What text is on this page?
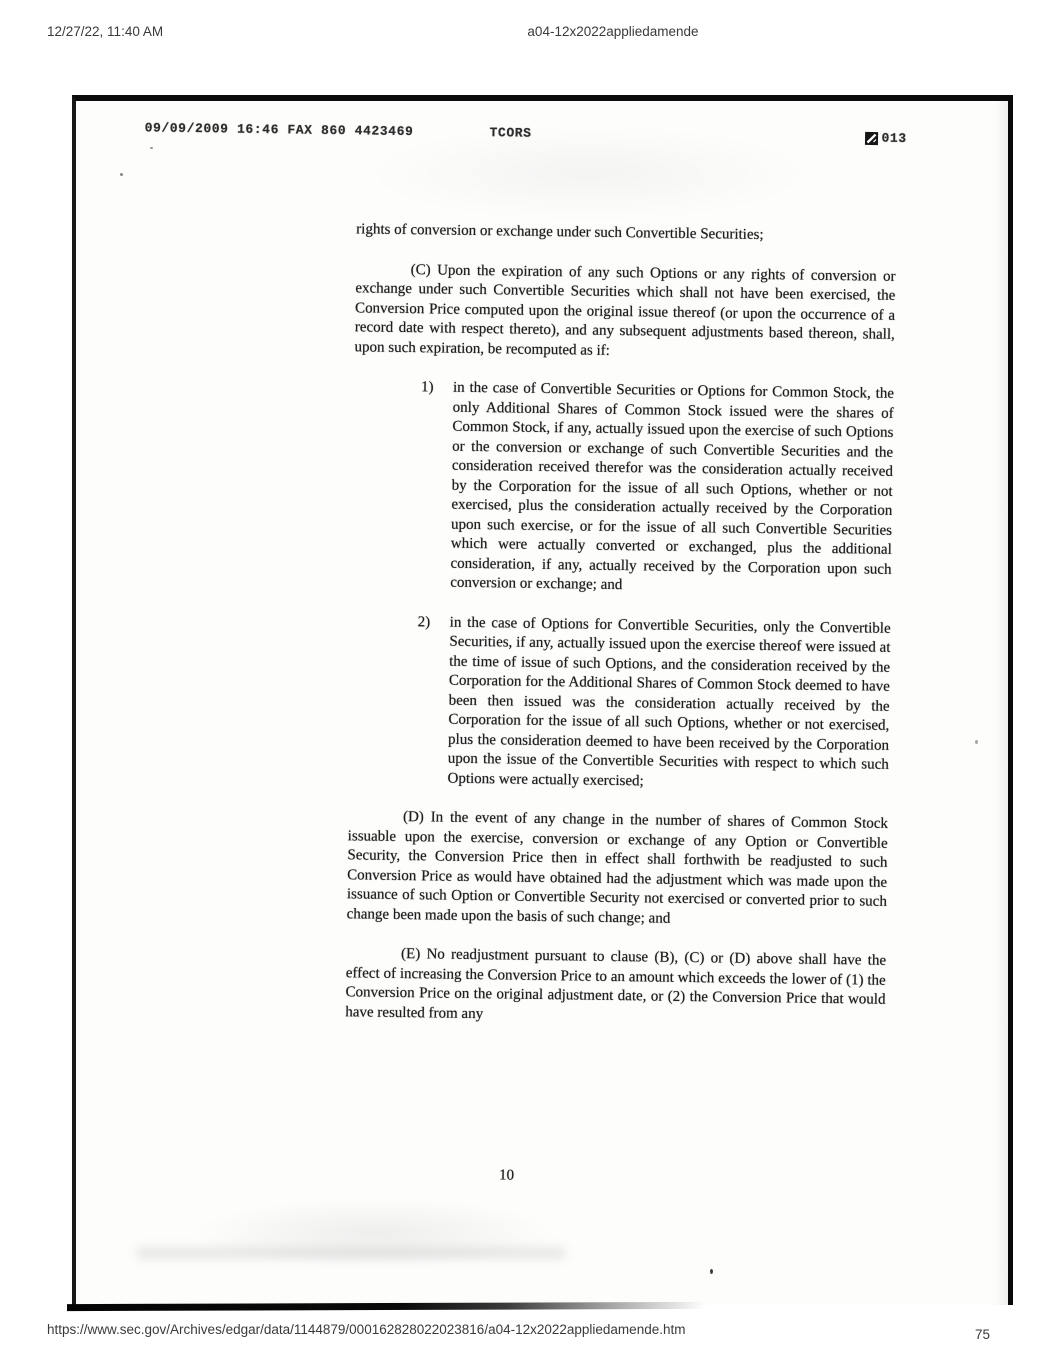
12/27/22, 11:40 AM	a04-12x2022appliedamende
09/09/2009 16:46 FAX 860 4423469	TCORS	013

rights of conversion or exchange under such Convertible Securities;

(C) Upon the expiration of any such Options or any rights of conversion or exchange under such Convertible Securities which shall not have been exercised, the Conversion Price computed upon the original issue thereof (or upon the occurrence of a record date with respect thereto), and any subsequent adjustments based thereon, shall, upon such expiration, be recomputed as if:

1) in the case of Convertible Securities or Options for Common Stock, the only Additional Shares of Common Stock issued were the shares of Common Stock, if any, actually issued upon the exercise of such Options or the conversion or exchange of such Convertible Securities and the consideration received therefor was the consideration actually received by the Corporation for the issue of all such Options, whether or not exercised, plus the consideration actually received by the Corporation upon such exercise, or for the issue of all such Convertible Securities which were actually converted or exchanged, plus the additional consideration, if any, actually received by the Corporation upon such conversion or exchange; and
2) in the case of Options for Convertible Securities, only the Convertible Securities, if any, actually issued upon the exercise thereof were issued at the time of issue of such Options, and the consideration received by the Corporation for the Additional Shares of Common Stock deemed to have been then issued was the consideration actually received by the Corporation for the issue of all such Options, whether or not exercised, plus the consideration deemed to have been received by the Corporation upon the issue of the Convertible Securities with respect to which such Options were actually exercised;

(D) In the event of any change in the number of shares of Common Stock issuable upon the exercise, conversion or exchange of any Option or Convertible Security, the Conversion Price then in effect shall forthwith be readjusted to such Conversion Price as would have obtained had the adjustment which was made upon the issuance of such Option or Convertible Security not exercised or converted prior to such change been made upon the basis of such change; and

(E) No readjustment pursuant to clause (B), (C) or (D) above shall have the effect of increasing the Conversion Price to an amount which exceeds the lower of (1) the Conversion Price on the original adjustment date, or (2) the Conversion Price that would have resulted from any

10
https://www.sec.gov/Archives/edgar/data/1144879/000162828022023816/a04-12x2022appliedamende.htm	75
